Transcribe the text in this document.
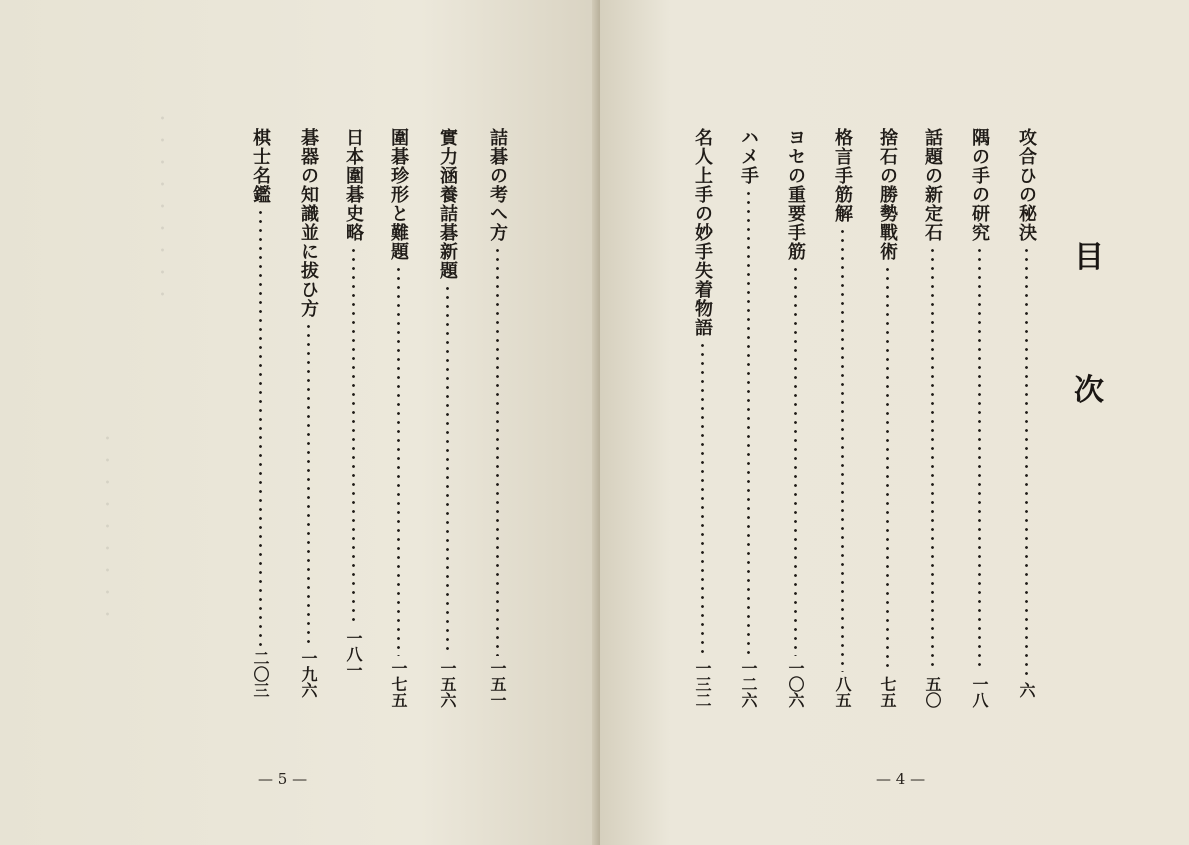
・・・・・・・・・
・・・・・・・・・
詰碁の考へ方
一五一
實力涵養詰碁新題
一五六
圍碁珍形と難題
一七五
日本圍碁史略
一八一
碁器の知識並に拔ひ方
一九六
棋士名鑑
二〇三
— 5 —
目
次
攻合ひの秘決
六
隅の手の研究
一八
話題の新定石
五〇
捨石の勝勢戰術
七五
格言手筋解
八五
ヨセの重要手筋
一〇六
ハメ手
一二六
名人上手の妙手失着物語
一三二
— 4 —
